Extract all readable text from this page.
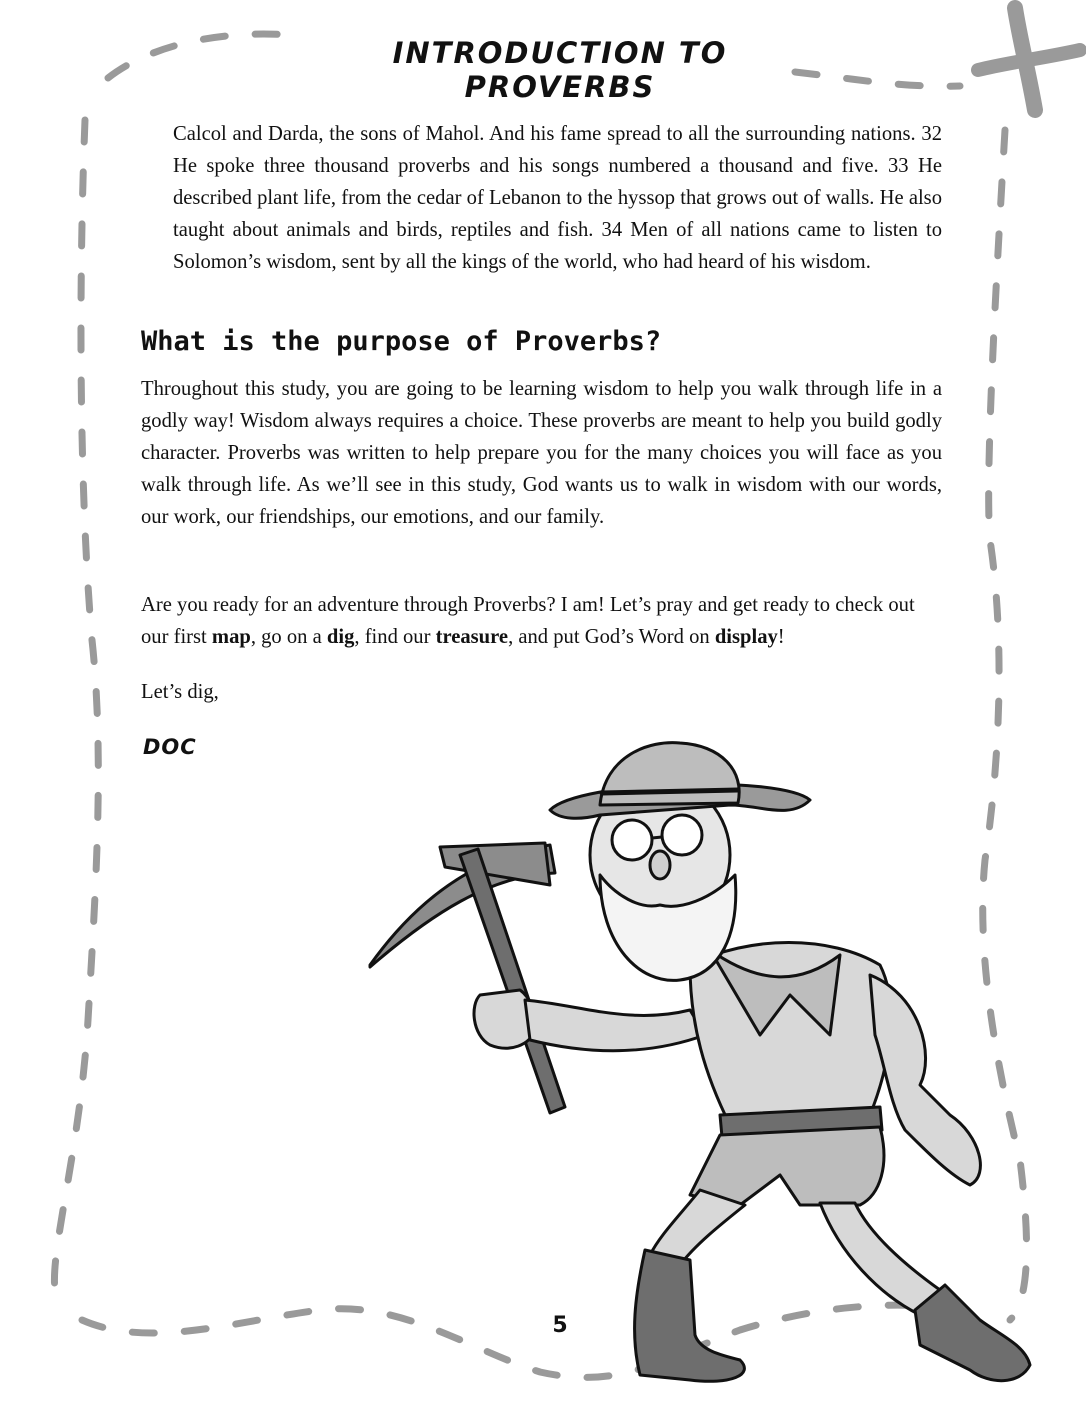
INTRODUCTION TO PROVERBS

Calcol and Darda, the sons of Mahol. And his fame spread to all the surrounding nations. 32 He spoke three thousand proverbs and his songs numbered a thousand and five. 33 He described plant life, from the cedar of Lebanon to the hyssop that grows out of walls. He also taught about animals and birds, reptiles and fish. 34 Men of all nations came to listen to Solomon’s wisdom, sent by all the kings of the world, who had heard of his wisdom.

What is the purpose of Proverbs?

Throughout this study, you are going to be learning wisdom to help you walk through life in a godly way! Wisdom always requires a choice. These proverbs are meant to help you build godly character. Proverbs was written to help prepare you for the many choices you will face as you walk through life. As we’ll see in this study, God wants us to walk in wisdom with our words, our work, our friendships, our emotions, and our family.

Are you ready for an adventure through Proverbs? I am! Let’s pray and get ready to check out our first map, go on a dig, find our treasure, and put God’s Word on display!

Let’s dig,

DOC
5
